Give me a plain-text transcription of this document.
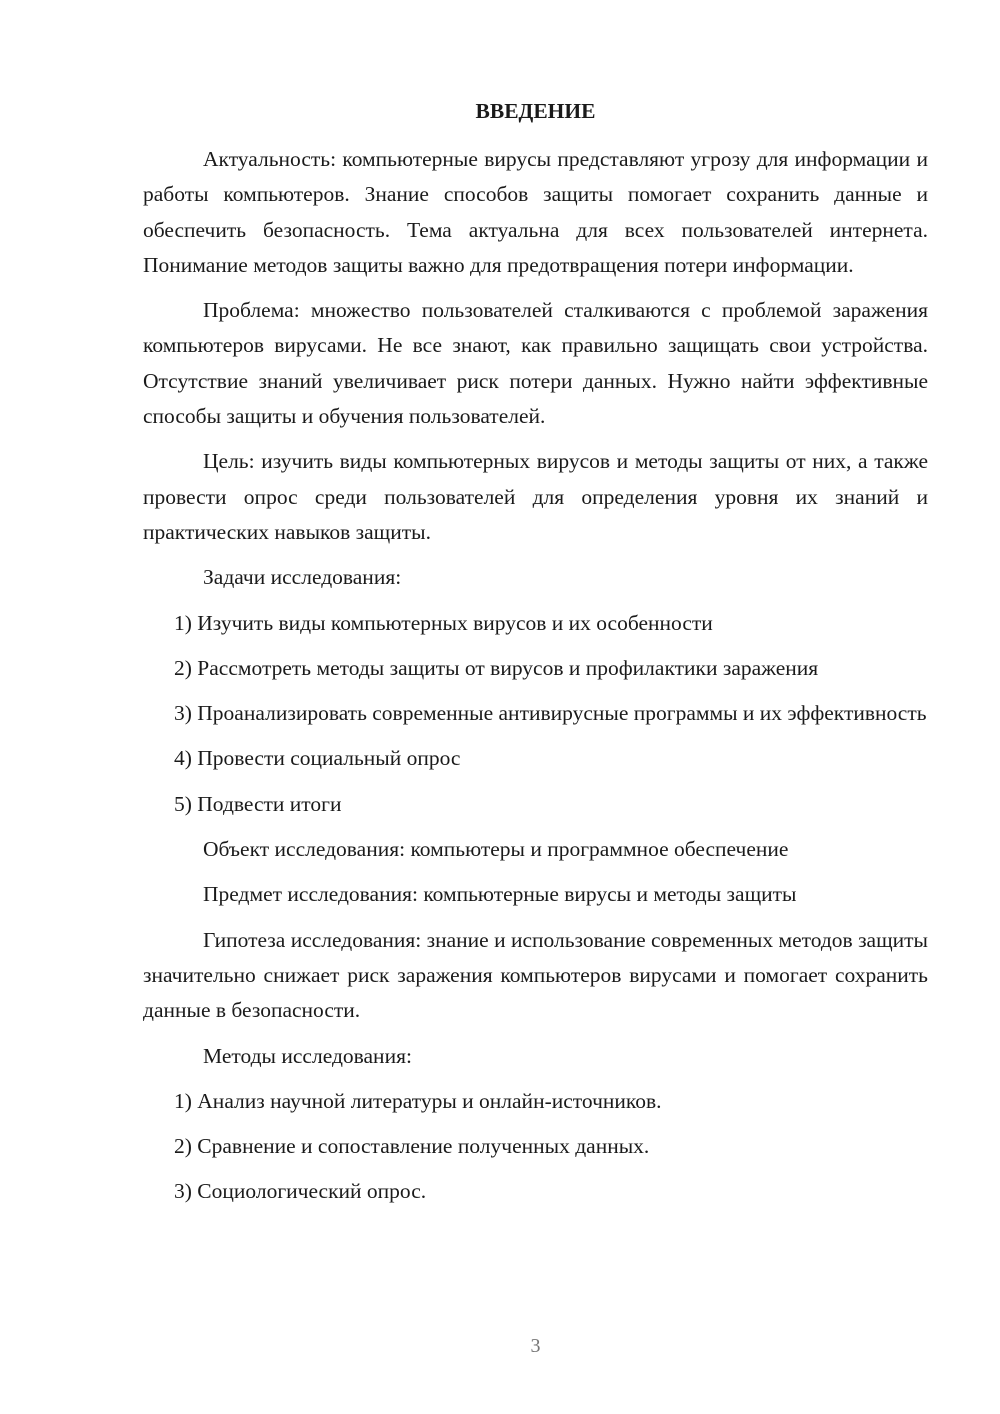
ВВЕДЕНИЕ

Актуальность: компьютерные вирусы представляют угрозу для информации и работы компьютеров. Знание способов защиты помогает сохранить данные и обеспечить безопасность. Тема актуальна для всех пользователей интернета. Понимание методов защиты важно для предотвращения потери информации.

Проблема: множество пользователей сталкиваются с проблемой заражения компьютеров вирусами. Не все знают, как правильно защищать свои устройства. Отсутствие знаний увеличивает риск потери данных. Нужно найти эффективные способы защиты и обучения пользователей.

Цель: изучить виды компьютерных вирусов и методы защиты от них, а также провести опрос среди пользователей для определения уровня их знаний и практических навыков защиты.

Задачи исследования:

1) Изучить виды компьютерных вирусов и их особенности

2) Рассмотреть методы защиты от вирусов и профилактики заражения

3) Проанализировать современные антивирусные программы и их эффективность

4) Провести социальный опрос

5) Подвести итоги

Объект исследования: компьютеры и программное обеспечение

Предмет исследования: компьютерные вирусы и методы защиты

Гипотеза исследования: знание и использование современных методов защиты значительно снижает риск заражения компьютеров вирусами и помогает сохранить данные в безопасности.

Методы исследования:

1) Анализ научной литературы и онлайн-источников.

2) Сравнение и сопоставление полученных данных.

3) Социологический опрос.

3
